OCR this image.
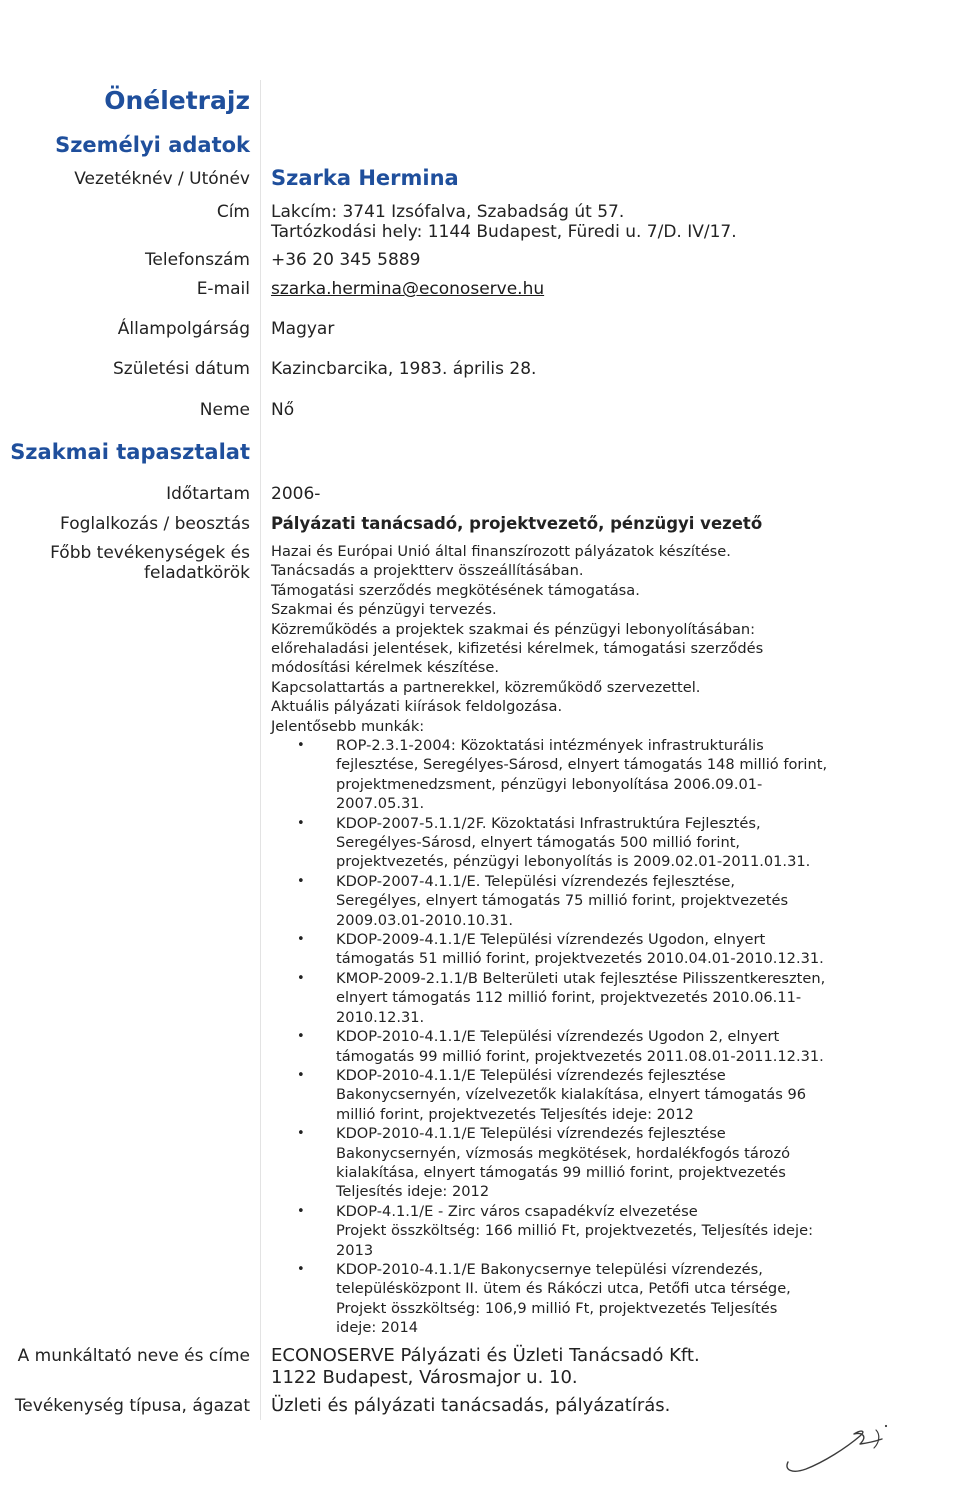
Önéletrajz
Személyi adatok
Vezetéknév / Utónév Szarka Hermina
Cím Lakcím: 3741 Izsófalva, Szabadság út 57.
Tartózkodási hely: 1144 Budapest, Füredi u. 7/D. IV/17.
Telefonszám +36 20 345 5889
E-mail szarka.hermina@econoserve.hu
Állampolgárság Magyar
Születési dátum Kazincbarcika, 1983. április 28.
Neme Nő
Szakmai tapasztalat
Időtartam 2006-
Foglalkozás / beosztás Pályázati tanácsadó, projektvezető, pénzügyi vezető
Főbb tevékenységek és
feladatkörök
Hazai és Európai Unió által finanszírozott pályázatok készítése.
Tanácsadás a projektterv összeállításában.
Támogatási szerződés megkötésének támogatása.
Szakmai és pénzügyi tervezés.
Közreműködés a projektek szakmai és pénzügyi lebonyolításában:
előrehaladási jelentések, kifizetési kérelmek, támogatási szerződés
módosítási kérelmek készítése.
Kapcsolattartás a partnerekkel, közreműködő szervezettel.
Aktuális pályázati kiírások feldolgozása.
Jelentősebb munkák:
• ROP-2.3.1-2004: Közoktatási intézmények infrastrukturális
fejlesztése, Seregélyes-Sárosd, elnyert támogatás 148 millió forint,
projektmenedzsment, pénzügyi lebonyolítása 2006.09.01-
2007.05.31.
• KDOP-2007-5.1.1/2F. Közoktatási Infrastruktúra Fejlesztés,
Seregélyes-Sárosd, elnyert támogatás 500 millió forint,
projektvezetés, pénzügyi lebonyolítás is 2009.02.01-2011.01.31.
• KDOP-2007-4.1.1/E. Települési vízrendezés fejlesztése,
Seregélyes, elnyert támogatás 75 millió forint, projektvezetés
2009.03.01-2010.10.31.
• KDOP-2009-4.1.1/E Települési vízrendezés Ugodon, elnyert
támogatás 51 millió forint, projektvezetés 2010.04.01-2010.12.31.
• KMOP-2009-2.1.1/B Belterületi utak fejlesztése Pilisszentkereszten,
elnyert támogatás 112 millió forint, projektvezetés 2010.06.11-
2010.12.31.
• KDOP-2010-4.1.1/E Települési vízrendezés Ugodon 2, elnyert
támogatás 99 millió forint, projektvezetés 2011.08.01-2011.12.31.
• KDOP-2010-4.1.1/E Települési vízrendezés fejlesztése
Bakonycsernyén, vízelvezetők kialakítása, elnyert támogatás 96
millió forint, projektvezetés Teljesítés ideje: 2012
• KDOP-2010-4.1.1/E Települési vízrendezés fejlesztése
Bakonycsernyén, vízmosás megkötések, hordalékfogós tározó
kialakítása, elnyert támogatás 99 millió forint, projektvezetés
Teljesítés ideje: 2012
• KDOP-4.1.1/E - Zirc város csapadékvíz elvezetése
Projekt összköltség: 166 millió Ft, projektvezetés, Teljesítés ideje:
2013
• KDOP-2010-4.1.1/E Bakonycsernye települési vízrendezés,
településközpont II. ütem és Rákóczi utca, Petőfi utca térsége,
Projekt összköltség: 106,9 millió Ft, projektvezetés Teljesítés
ideje: 2014
A munkáltató neve és címe ECONOSERVE Pályázati és Üzleti Tanácsadó Kft.
1122 Budapest, Városmajor u. 10.
Tevékenység típusa, ágazat Üzleti és pályázati tanácsadás, pályázatírás.
